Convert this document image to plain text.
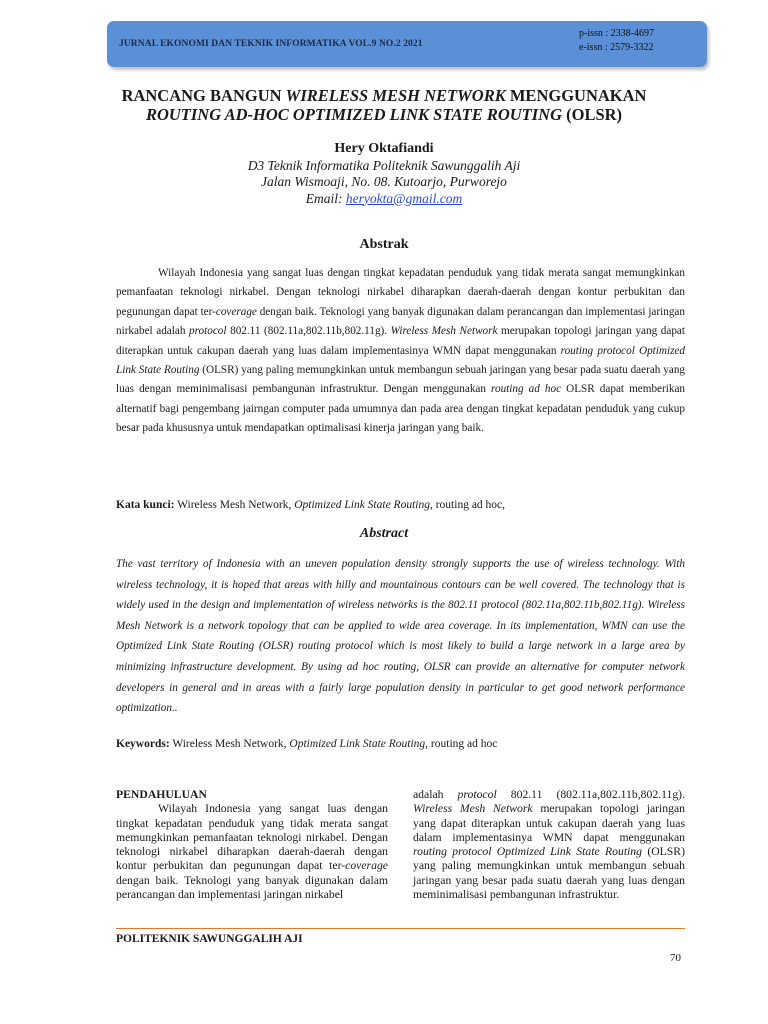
JURNAL EKONOMI DAN TEKNIK INFORMATIKA VOL.9 NO.2 2021
p-issn : 2338-4697
e-issn : 2579-3322
RANCANG BANGUN WIRELESS MESH NETWORK MENGGUNAKAN
ROUTING AD-HOC OPTIMIZED LINK STATE ROUTING (OLSR)
Hery Oktafiandi
D3 Teknik Informatika Politeknik Sawunggalih Aji
Jalan Wismoaji, No. 08. Kutoarjo, Purworejo
Email: heryokta@gmail.com
Abstrak
Wilayah Indonesia yang sangat luas dengan tingkat kepadatan penduduk yang tidak merata sangat memungkinkan pemanfaatan teknologi nirkabel. Dengan teknologi nirkabel diharapkan daerah-daerah dengan kontur perbukitan dan pegunungan dapat ter-coverage dengan baik. Teknologi yang banyak digunakan dalam perancangan dan implementasi jaringan nirkabel adalah protocol 802.11 (802.11a,802.11b,802.11g). Wireless Mesh Network merupakan topologi jaringan yang dapat diterapkan untuk cakupan daerah yang luas dalam implementasinya WMN dapat menggunakan routing protocol Optimized Link State Routing (OLSR) yang paling memungkinkan untuk membangun sebuah jaringan yang besar pada suatu daerah yang luas dengan meminimalisasi pembangunan infrastruktur. Dengan menggunakan routing ad hoc OLSR dapat memberikan alternatif bagi pengembang jairngan computer pada umumnya dan pada area dengan tingkat kepadatan penduduk yang cukup besar pada khususnya untuk mendapatkan optimalisasi kinerja jaringan yang baik.
Kata kunci: Wireless Mesh Network, Optimized Link State Routing, routing ad hoc,
Abstract
The vast territory of Indonesia with an uneven population density strongly supports the use of wireless technology. With wireless technology, it is hoped that areas with hilly and mountainous contours can be well covered. The technology that is widely used in the design and implementation of wireless networks is the 802.11 protocol (802.11a,802.11b,802.11g). Wireless Mesh Network is a network topology that can be applied to wide area coverage. In its implementation, WMN can use the Optimized Link State Routing (OLSR) routing protocol which is most likely to build a large network in a large area by minimizing infrastructure development. By using ad hoc routing, OLSR can provide an alternative for computer network developers in general and in areas with a fairly large population density in particular to get good network performance optimization..
Keywords: Wireless Mesh Network, Optimized Link State Routing, routing ad hoc
PENDAHULUAN

Wilayah Indonesia yang sangat luas dengan tingkat kepadatan penduduk yang tidak merata sangat memungkinkan pemanfaatan teknologi nirkabel. Dengan teknologi nirkabel diharapkan daerah-daerah dengan kontur perbukitan dan pegunungan dapat ter-coverage dengan baik. Teknologi yang banyak digunakan dalam perancangan dan implementasi jaringan nirkabel

adalah protocol 802.11 (802.11a,802.11b,802.11g). Wireless Mesh Network merupakan topologi jaringan yang dapat diterapkan untuk cakupan daerah yang luas dalam implementasinya WMN dapat menggunakan routing protocol Optimized Link State Routing (OLSR) yang paling memungkinkan untuk membangun sebuah jaringan yang besar pada suatu daerah yang luas dengan meminimalisasi pembangunan infrastruktur.

POLITEKNIK SAWUNGGALIH AJI
70
